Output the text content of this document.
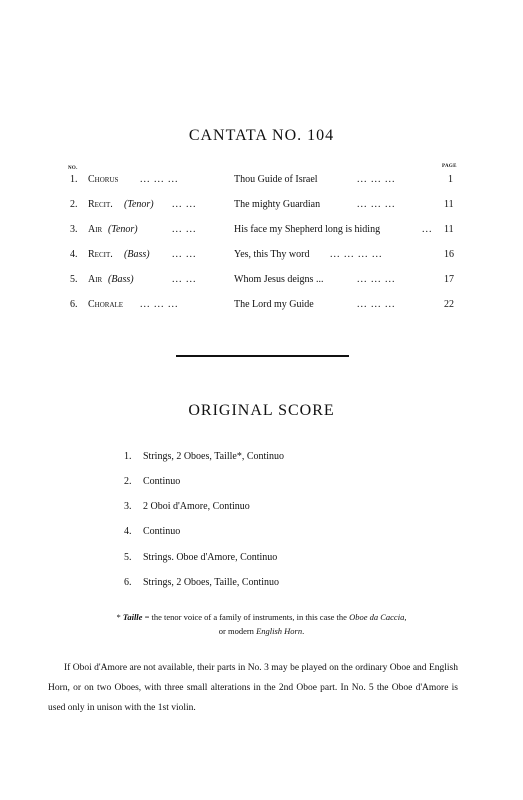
CANTATA NO. 104
NO.	PAGE
1. Chorus ... ... ...	Thou Guide of Israel	... ... ...	1
2. Recit. (Tenor) ... ...	The mighty Guardian	... ... ...	11
3. Air (Tenor)	... ...	His face my Shepherd long is hiding	... 11
4. Recit. (Bass) ... ...	Yes, this Thy word ... ... ... ...	16
5. Air (Bass)	... ...	Whom Jesus deigns ...	... ... ...	17
6. Chorale ... ... ...	The Lord my Guide	... ... ...	22
ORIGINAL SCORE
1. Strings, 2 Oboes, Taille*, Continuo
2. Continuo
3. 2 Oboi d'Amore, Continuo
4. Continuo
5. Strings. Oboe d'Amore, Continuo
6. Strings, 2 Oboes, Taille, Continuo
* Taille = the tenor voice of a family of instruments, in this case the Oboe da Caccia,
or modern English Horn.
If Oboi d'Amore are not available, their parts in No. 3 may be played on the ordinary Oboe and English Horn, or on two Oboes, with three small alterations in the 2nd Oboe part. In No. 5 the Oboe d'Amore is used only in unison with the 1st violin.
